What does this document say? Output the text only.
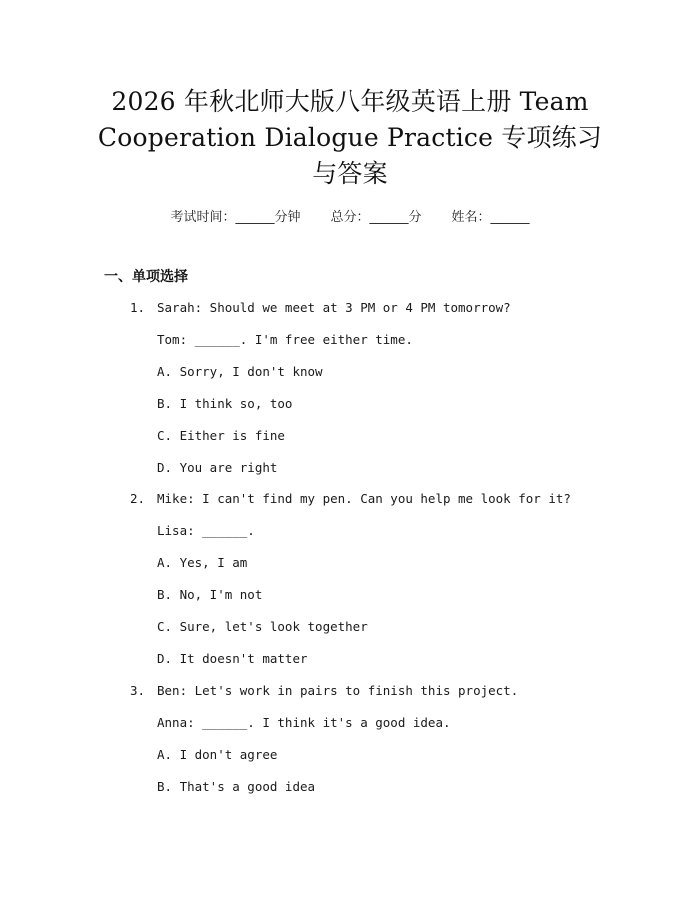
2026 年秋北师大版八年级英语上册 Team
Cooperation Dialogue Practice 专项练习
与答案
考试时间：______分钟 总分：______分 姓名：______
一、单项选择
1. Sarah: Should we meet at 3 PM or 4 PM tomorrow?
Tom: ______. I'm free either time.
A. Sorry, I don't know
B. I think so, too
C. Either is fine
D. You are right
2. Mike: I can't find my pen. Can you help me look for it?
Lisa: ______.
A. Yes, I am
B. No, I'm not
C. Sure, let's look together
D. It doesn't matter
3. Ben: Let's work in pairs to finish this project.
Anna: ______. I think it's a good idea.
A. I don't agree
B. That's a good idea
